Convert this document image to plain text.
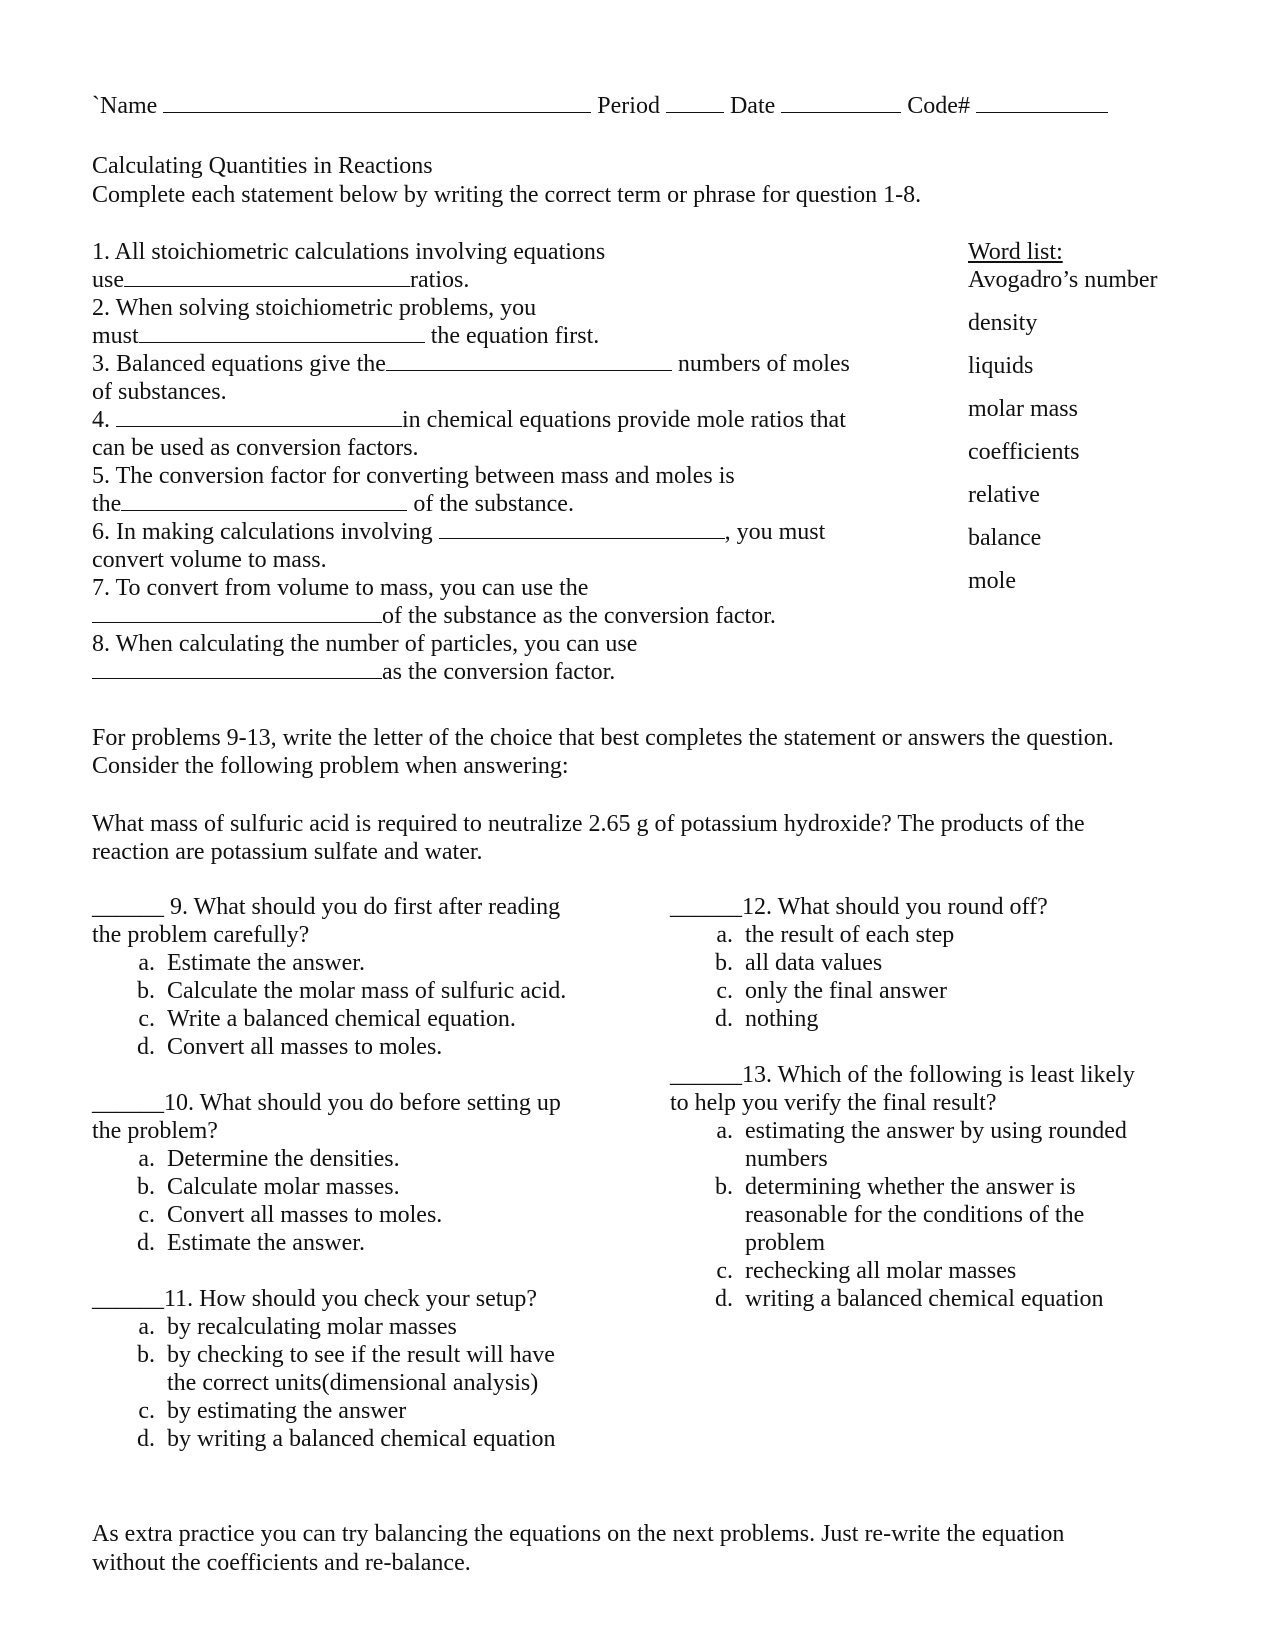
`Name	Period	Date	Code#
Calculating Quantities in Reactions
Complete each statement below by writing the correct term or phrase for question 1-8.
1. All stoichiometric calculations involving equations
use	ratios.
2. When solving stoichiometric problems, you
must	the equation first.
3. Balanced equations give the	numbers of moles
of substances.
4.	in chemical equations provide mole ratios that
can be used as conversion factors.
5. The conversion factor for converting between mass and moles is
the	of the substance.
6. In making calculations involving	, you must
convert volume to mass.
7. To convert from volume to mass, you can use the
of the substance as the conversion factor.
8. When calculating the number of particles, you can use
as the conversion factor.
Word list:
Avogadro’s number
density
liquids
molar mass
coefficients
relative
balance
mole
For problems 9-13, write the letter of the choice that best completes the statement or answers the question.
Consider the following problem when answering:
What mass of sulfuric acid is required to neutralize 2.65 g of potassium hydroxide? The products of the
reaction are potassium sulfate and water.
______ 9. What should you do first after reading
the problem carefully?
a. Estimate the answer.
b. Calculate the molar mass of sulfuric acid.
c. Write a balanced chemical equation.
d. Convert all masses to moles.
______10. What should you do before setting up
the problem?
a. Determine the densities.
b. Calculate molar masses.
c. Convert all masses to moles.
d. Estimate the answer.
______11. How should you check your setup?
a. by recalculating molar masses
b. by checking to see if the result will have the correct units(dimensional analysis)
c. by estimating the answer
d. by writing a balanced chemical equation
______12. What should you round off?
a. the result of each step
b. all data values
c. only the final answer
d. nothing
______13. Which of the following is least likely
to help you verify the final result?
a. estimating the answer by using rounded numbers
b. determining whether the answer is reasonable for the conditions of the problem
c. rechecking all molar masses
d. writing a balanced chemical equation
As extra practice you can try balancing the equations on the next problems. Just re-write the equation
without the coefficients and re-balance.
